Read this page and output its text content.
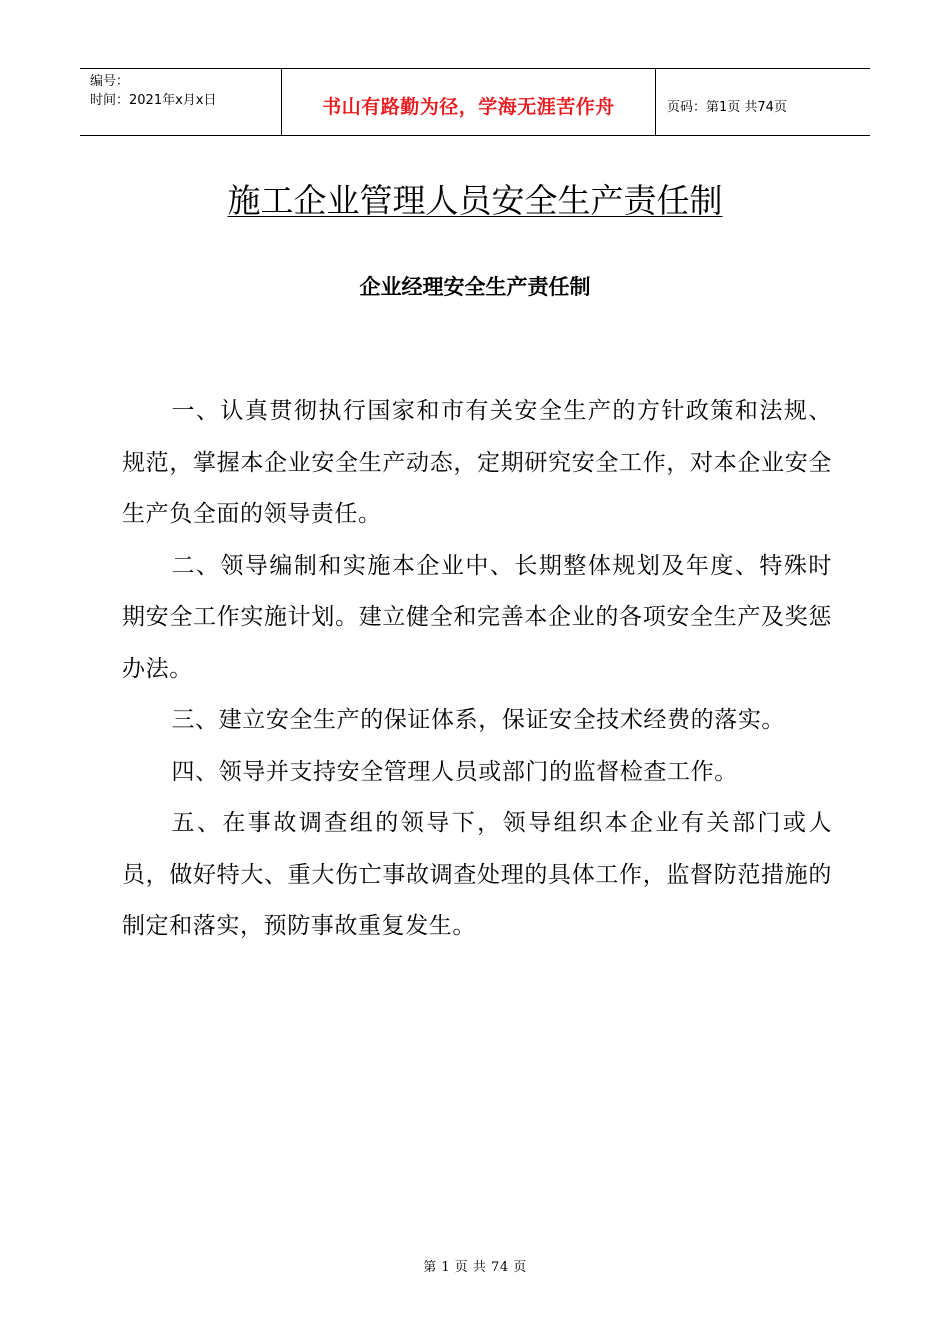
编号：
时间：2021年x月x日	书山有路勤为径，学海无涯苦作舟	页码：第1页 共74页
施工企业管理人员安全生产责任制
企业经理安全生产责任制

一、认真贯彻执行国家和市有关安全生产的方针政策和法规、规范，掌握本企业安全生产动态，定期研究安全工作，对本企业安全生产负全面的领导责任。

二、领导编制和实施本企业中、长期整体规划及年度、特殊时期安全工作实施计划。建立健全和完善本企业的各项安全生产及奖惩办法。

三、建立安全生产的保证体系，保证安全技术经费的落实。

四、领导并支持安全管理人员或部门的监督检查工作。

五、在事故调查组的领导下，领导组织本企业有关部门或人员，做好特大、重大伤亡事故调查处理的具体工作，监督防范措施的制定和落实，预防事故重复发生。

第 1 页 共 74 页
